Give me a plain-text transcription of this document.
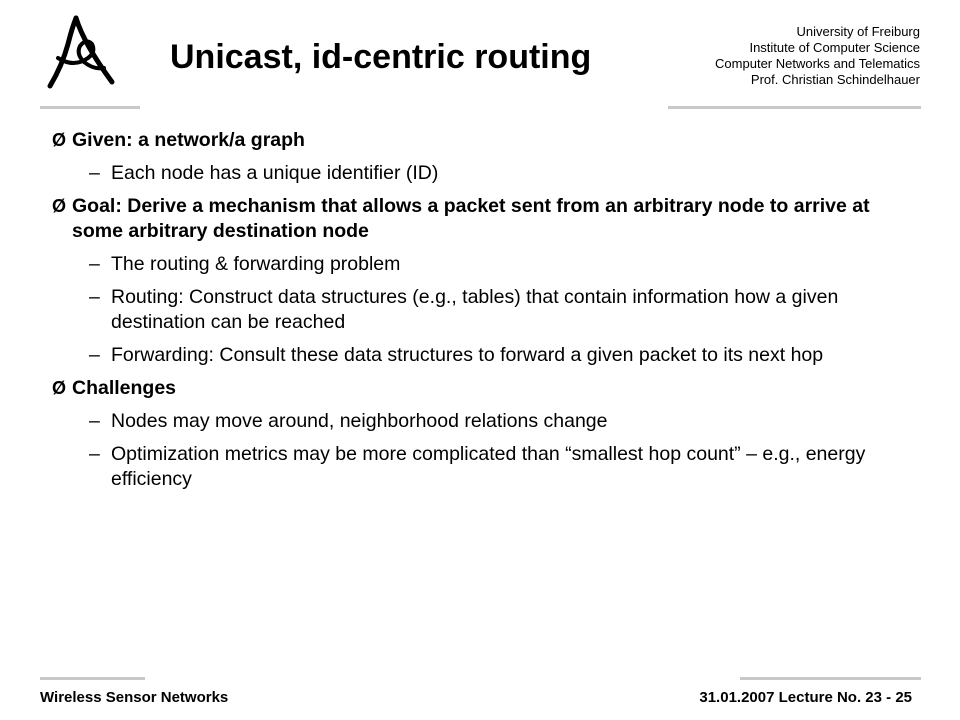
Unicast, id-centric routing
University of Freiburg
Institute of Computer Science
Computer Networks and Telematics
Prof. Christian Schindelhauer
Ø Given: a network/a graph
– Each node has a unique identifier (ID)
Ø Goal: Derive a mechanism that allows a packet sent from an arbitrary node to arrive at some arbitrary destination node
– The routing & forwarding problem
– Routing: Construct data structures (e.g., tables) that contain information how a given destination can be reached
– Forwarding: Consult these data structures to forward a given packet to its next hop
Ø Challenges
– Nodes may move around, neighborhood relations change
– Optimization metrics may be more complicated than “smallest hop count” – e.g., energy efficiency
Wireless Sensor Networks	31.01.2007 Lecture No. 23 - 25
